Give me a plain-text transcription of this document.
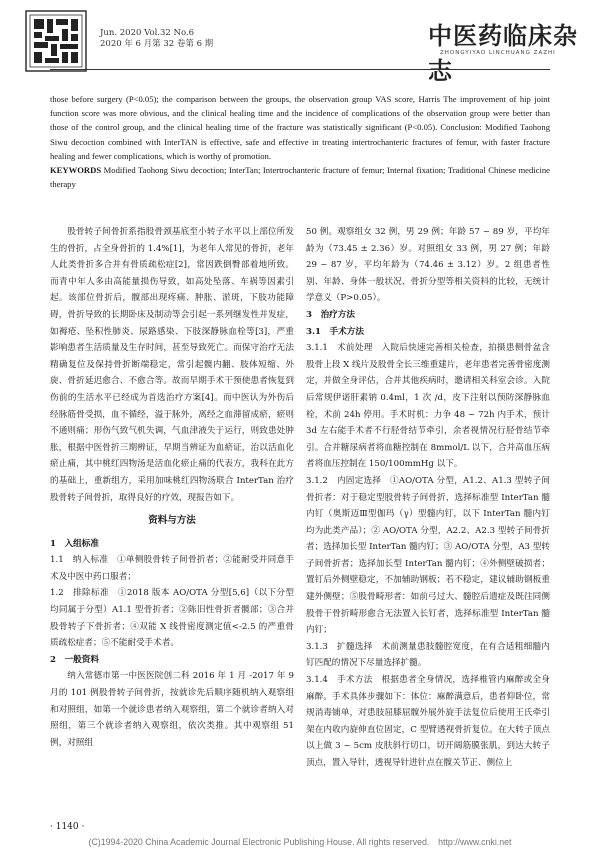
Jun. 2020 Vol.32 No.6
2020 年 6 月第 32 卷第 6 期	中医药临床杂志
ZHONGYIYAO LINCHUANG ZAZHI

those before surgery (P<0.05); the comparison between the groups, the observation group VAS score, Harris The improvement of hip joint function score was more obvious, and the clinical healing time and the incidence of complications of the observation group were better than those of the control group, and the clinical healing time of the fracture was statistically significant (P<0.05). Conclusion: Modified Taohong Siwu decoction combined with InterTAN is effective, safe and effective in treating intertrochanteric fractures of femur, with faster fracture healing and fewer complications, which is worthy of promotion.

KEYWORDS Modified Taohong Siwu decoction; InterTan; Intertrochanteric fracture of femur; Internal fixation; Traditional Chinese medicine therapy

股骨转子间骨折系指股骨颈基底至小转子水平以上部位所发生的骨折，占全身骨折的 1.4%[1]，为老年人常见的骨折，老年人此类骨折多合并有骨质疏松症[2]，常因跌倒臀部着地所致。而青中年人多由高能量损伤导致，如高处坠落、车祸等因素引起。该部位骨折后，髋部出现疼痛、肿胀、淤斑，下肢功能障碍，骨折导致的长期卧床及制动等会引起一系列继发性并发症，如褥疮、坠积性肺炎、尿路感染、下肢深静脉血栓等[3]，严重影响患者生活质量及生存时间，甚至导致死亡。而保守治疗无法精确复位及保持骨折断端稳定，常引起髋内翻、肢体短缩、外旋、骨折延迟愈合、不愈合等。故而早期手术干预使患者恢复到伤前的生活水平已经成为首选治疗方案[4]。而中医认为外伤后经脉筋骨受损，血不循经，溢于脉外，离经之血滞留成瘀，瘀则不通则痛；形伤气致气机失调，气血津液失于运行，则致患处肿胀，根据中医骨折三期辨证，早期当辨证为血瘀证，治以活血化瘀止痛，其中桃红四物汤是活血化瘀止痛的代表方，我科在此方的基础上，重新组方，采用加味桃红四物汤联合 InterTan 治疗股骨转子间骨折，取得良好的疗效，现报告如下。

资料与方法

1　入组标准

1.1　纳入标准　①单侧股骨转子间骨折者；②能耐受并同意手术及中医中药口服者；

1.2　排除标准　①2018 版本 AO/OTA 分型[5,6]（以下分型均同属于分型）A1.1 型骨折者；②陈旧性骨折者髋部；③合并股骨转子下骨折者；④双能 X 线骨密度测定值<-2.5 的严重骨质疏松症者；⑤不能耐受手术者。

2　一般资料

纳入常德市第一中医医院创二科 2016 年 1 月 -2017 年 9 月的 101 例股骨转子间骨折，按就诊先后顺序随机纳入观察组和对照组，如第一个就诊患者纳入观察组，第二个就诊者纳入对照组，第三个就诊者纳入观察组，依次类推。其中观察组 51 例，对照组

50 例。观察组女 32 例，男 29 例；年龄 57 ~ 89 岁，平均年龄为（73.45 ± 2.36）岁。对照组女 33 例，男 27 例；年龄 29 ~ 87 岁，平均年龄为（74.46 ± 3.12）岁。2 组患者性别、年龄、身体一般状况、骨折分型等相关资料的比较，无统计学意义（P>0.05）。

3　治疗方法

3.1　手术方法

3.1.1　术前处理　入院后快速完善相关检查，拍摄患侧骨盆含股骨上段 X 线片及股骨全长三维重建片，老年患者完善骨密度测定，并做全身评估，合并其他疾病时，邀请相关科室会诊。入院后常规伊诺肝素钠 0.4ml，1 次 /d，皮下注射以预防深静脉血栓，术前 24h 停用。手术时机：力争 48 ~ 72h 内手术，预计 3d 左右能手术者不行胫骨结节牵引，余者视情况行胫骨结节牵引。合并糖尿病者将血糖控制在 8mmol/L 以下，合并高血压病者将血压控制在 150/100mmHg 以下。

3.1.2　内固定选择　①AO/OTA 分型，A1.2、A1.3 型转子间骨折者：对于稳定型股骨转子间骨折，选择标准型 InterTan 髓内钉（奥斯迈Ⅲ型伽玛（γ）型髓内钉，以下 InterTan 髓内钉均为此类产品）；② AO/OTA 分型，A2.2、A2.3 型转子间骨折者；选择加长型 InterTan 髓内钉；③ AO/OTA 分型，A3 型转子间骨折者；选择加长型 InterTan 髓内钉；④外侧壁破损者；置钉后外侧壁稳定，不加辅助钢板；若不稳定，建议辅助钢板重建外侧壁；⑤股骨畸形者：如前弓过大、髓腔后遗症及既往同侧股骨干骨折畸形愈合无法置入长钉者，选择标准型 InterTan 髓内钉；

3.1.3　扩髓选择　术前测量患肢髓腔宽度，在有合适粗细髓内钉匹配的情况下尽量选择扩髓。

3.1.4　手术方法　根据患者全身情况，选择椎管内麻醉或全身麻醉。手术具体步骤如下：体位：麻醉满意后，患者仰卧位，常规消毒铺单，对患肢屈膝屈髋外展外旋手法复位后使用王氏牵引架在内收内旋伸直位固定，C 型臂透视骨折复位。在大转子顶点以上做 3 ~ 5cm 皮肤斜行切口，切开阔筋膜张肌，到达大转子顶点，置入导针，透视导针进针点在髋关节正、侧位上

· 1140 ·
(C)1994-2020 China Academic Journal Electronic Publishing House. All rights reserved.　http://www.cnki.net
